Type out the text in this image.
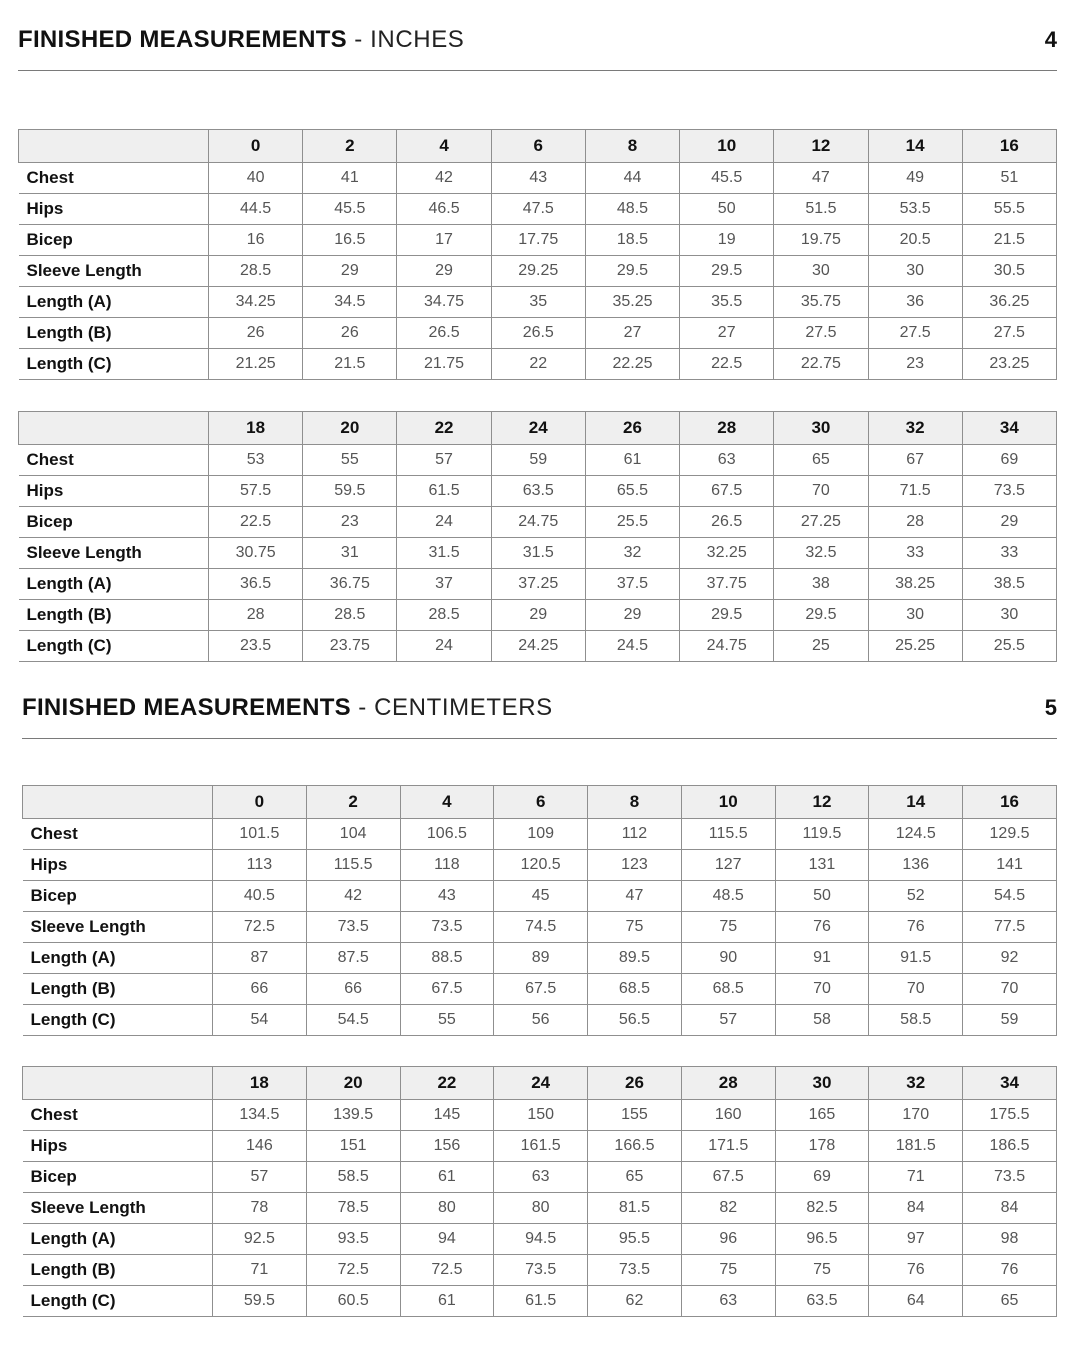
FINISHED MEASUREMENTS - INCHES	4
	0	2	4	6	8	10	12	14	16
Chest	40	41	42	43	44	45.5	47	49	51
Hips	44.5	45.5	46.5	47.5	48.5	50	51.5	53.5	55.5
Bicep	16	16.5	17	17.75	18.5	19	19.75	20.5	21.5
Sleeve Length	28.5	29	29	29.25	29.5	29.5	30	30	30.5
Length (A)	34.25	34.5	34.75	35	35.25	35.5	35.75	36	36.25
Length (B)	26	26	26.5	26.5	27	27	27.5	27.5	27.5
Length (C)	21.25	21.5	21.75	22	22.25	22.5	22.75	23	23.25
	18	20	22	24	26	28	30	32	34
Chest	53	55	57	59	61	63	65	67	69
Hips	57.5	59.5	61.5	63.5	65.5	67.5	70	71.5	73.5
Bicep	22.5	23	24	24.75	25.5	26.5	27.25	28	29
Sleeve Length	30.75	31	31.5	31.5	32	32.25	32.5	33	33
Length (A)	36.5	36.75	37	37.25	37.5	37.75	38	38.25	38.5
Length (B)	28	28.5	28.5	29	29	29.5	29.5	30	30
Length (C)	23.5	23.75	24	24.25	24.5	24.75	25	25.25	25.5
FINISHED MEASUREMENTS - CENTIMETERS	5
	0	2	4	6	8	10	12	14	16
Chest	101.5	104	106.5	109	112	115.5	119.5	124.5	129.5
Hips	113	115.5	118	120.5	123	127	131	136	141
Bicep	40.5	42	43	45	47	48.5	50	52	54.5
Sleeve Length	72.5	73.5	73.5	74.5	75	75	76	76	77.5
Length (A)	87	87.5	88.5	89	89.5	90	91	91.5	92
Length (B)	66	66	67.5	67.5	68.5	68.5	70	70	70
Length (C)	54	54.5	55	56	56.5	57	58	58.5	59
	18	20	22	24	26	28	30	32	34
Chest	134.5	139.5	145	150	155	160	165	170	175.5
Hips	146	151	156	161.5	166.5	171.5	178	181.5	186.5
Bicep	57	58.5	61	63	65	67.5	69	71	73.5
Sleeve Length	78	78.5	80	80	81.5	82	82.5	84	84
Length (A)	92.5	93.5	94	94.5	95.5	96	96.5	97	98
Length (B)	71	72.5	72.5	73.5	73.5	75	75	76	76
Length (C)	59.5	60.5	61	61.5	62	63	63.5	64	65
